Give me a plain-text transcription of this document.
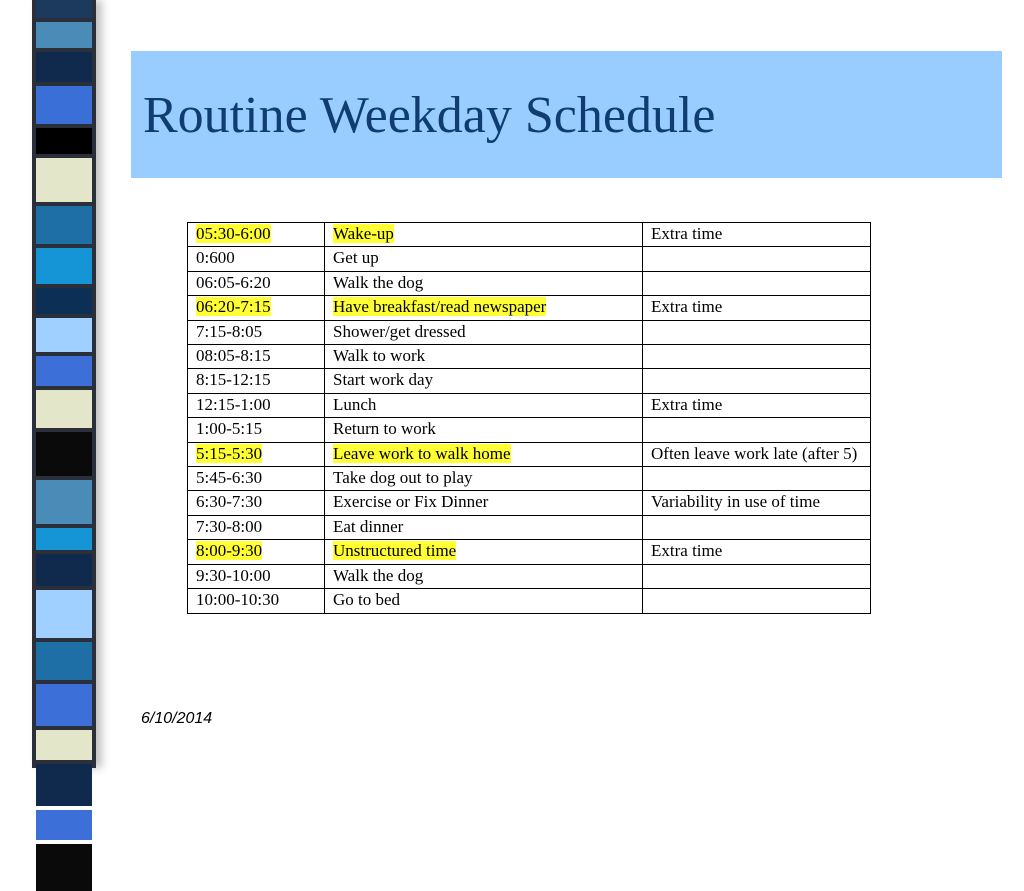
Routine Weekday Schedule
05:30-6:00	Wake-up	Extra time
0:600	Get up	
06:05-6:20	Walk the dog	
06:20-7:15	Have breakfast/read newspaper	Extra time
7:15-8:05	Shower/get dressed	
08:05-8:15	Walk to work	
8:15-12:15	Start work day	
12:15-1:00	Lunch	Extra time
1:00-5:15	Return to work	
5:15-5:30	Leave work to walk home	Often leave work late (after 5)
5:45-6:30	Take dog out to play	
6:30-7:30	Exercise or Fix Dinner	Variability in use of time
7:30-8:00	Eat dinner	
8:00-9:30	Unstructured time	Extra time
9:30-10:00	Walk the dog	
10:00-10:30	Go to bed	
6/10/2014
